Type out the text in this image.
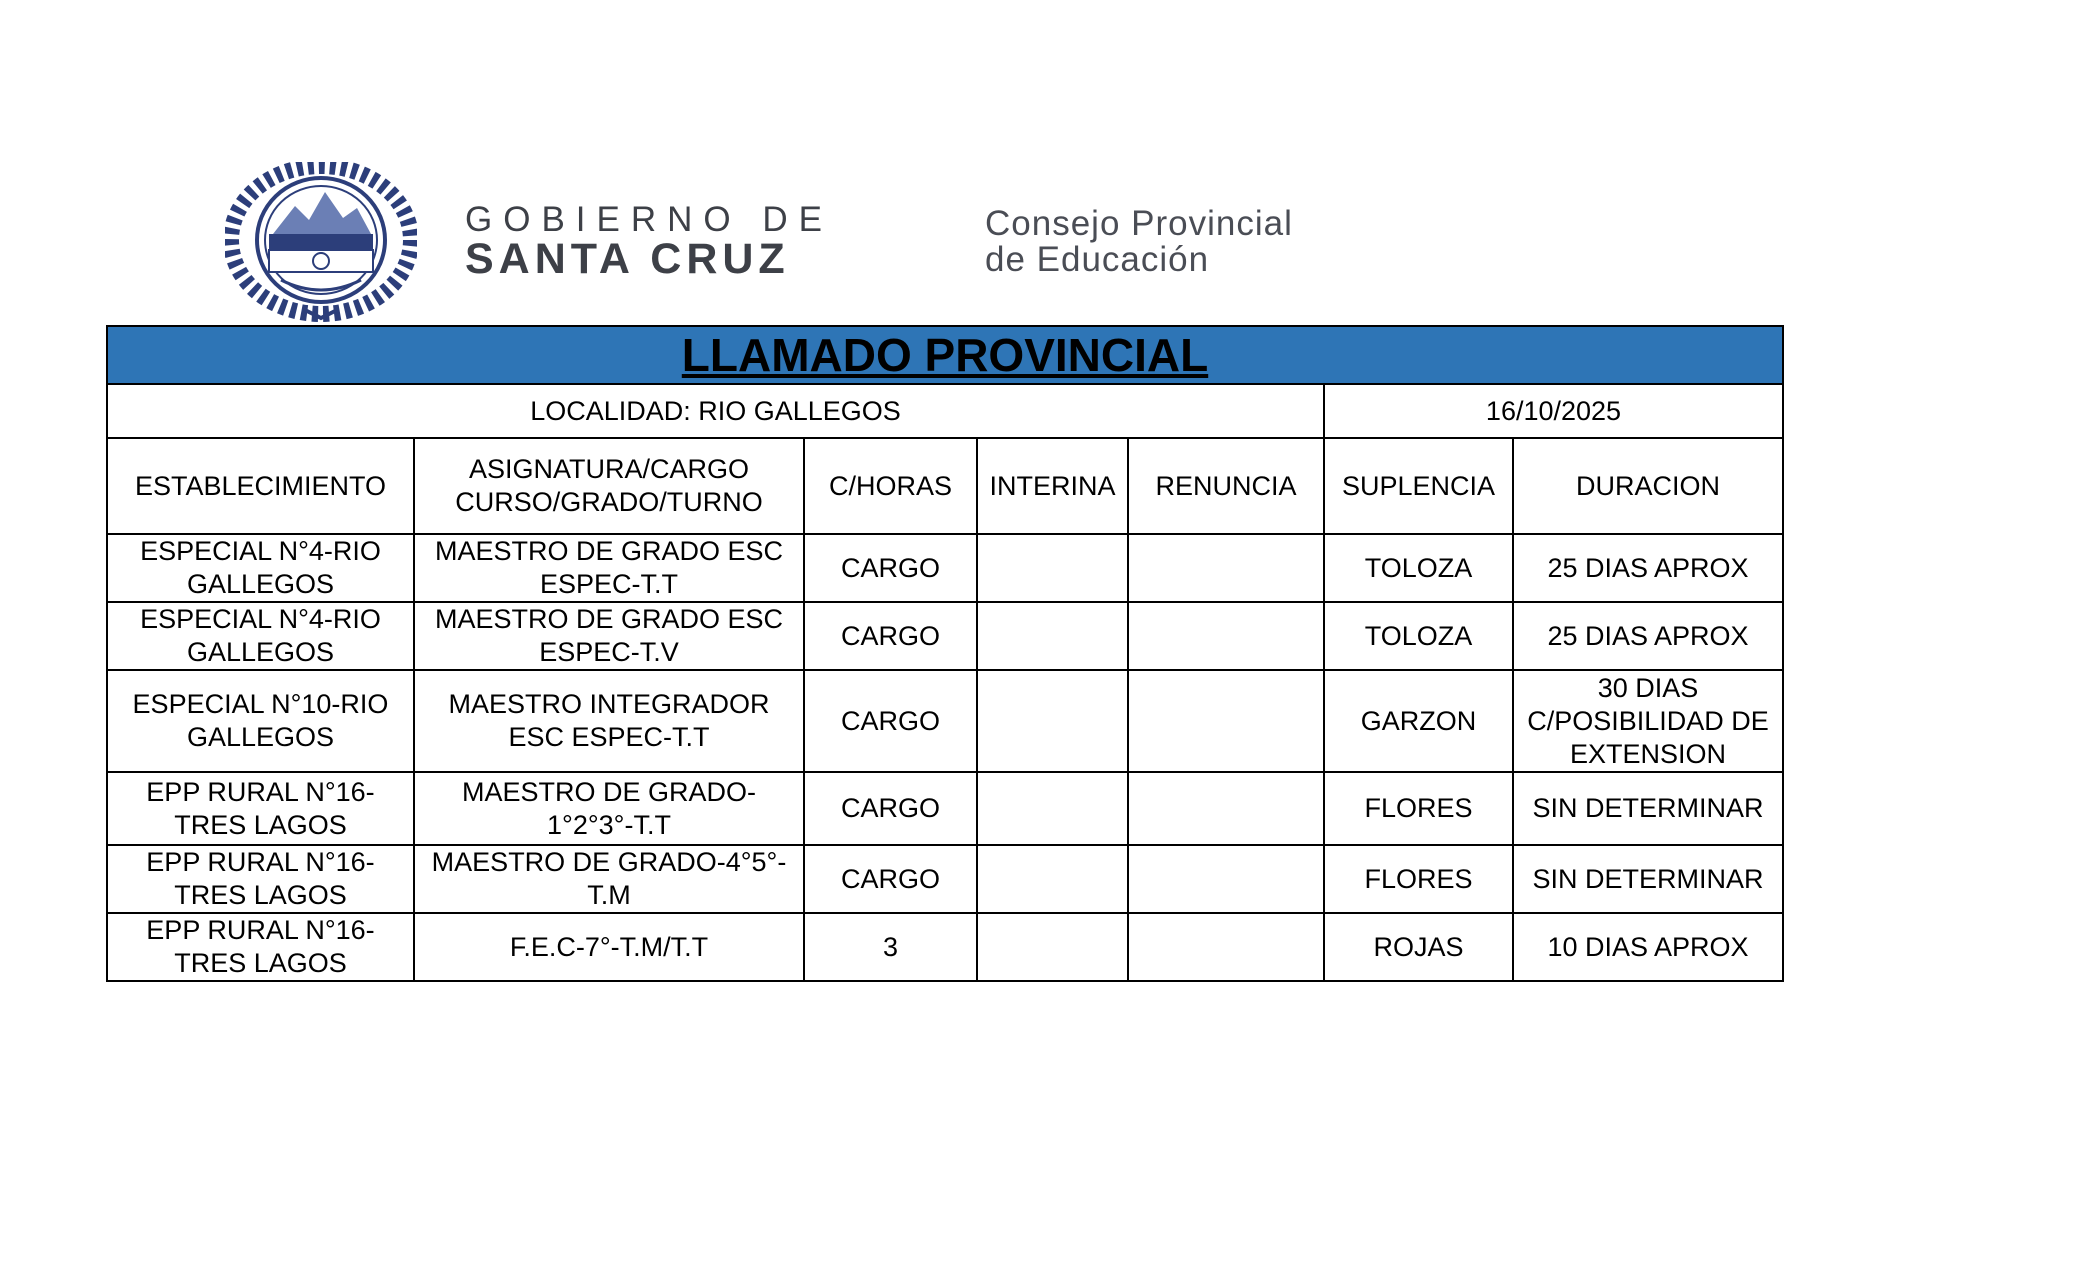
GOBIERNO DE
SANTA CRUZ
Consejo Provincial
de Educación
LLAMADO PROVINCIAL						
LOCALIDAD: RIO GALLEGOS					16/10/2025	
ESTABLECIMIENTO	ASIGNATURA/CARGO CURSO/GRADO/TURNO	C/HORAS	INTERINA	RENUNCIA	SUPLENCIA	DURACION
ESPECIAL N°4-RIO GALLEGOS	MAESTRO DE GRADO ESC ESPEC-T.T	CARGO			TOLOZA	25 DIAS APROX
ESPECIAL N°4-RIO GALLEGOS	MAESTRO DE GRADO ESC ESPEC-T.V	CARGO			TOLOZA	25 DIAS APROX
ESPECIAL N°10-RIO GALLEGOS	MAESTRO INTEGRADOR ESC ESPEC-T.T	CARGO			GARZON	30 DIAS C/POSIBILIDAD DE EXTENSION
EPP RURAL N°16-TRES LAGOS	MAESTRO DE GRADO-1°2°3°-T.T	CARGO			FLORES	SIN DETERMINAR
EPP RURAL N°16-TRES LAGOS	MAESTRO DE GRADO-4°5°-T.M	CARGO			FLORES	SIN DETERMINAR
EPP RURAL N°16-TRES LAGOS	F.E.C-7°-T.M/T.T	3			ROJAS	10 DIAS APROX
